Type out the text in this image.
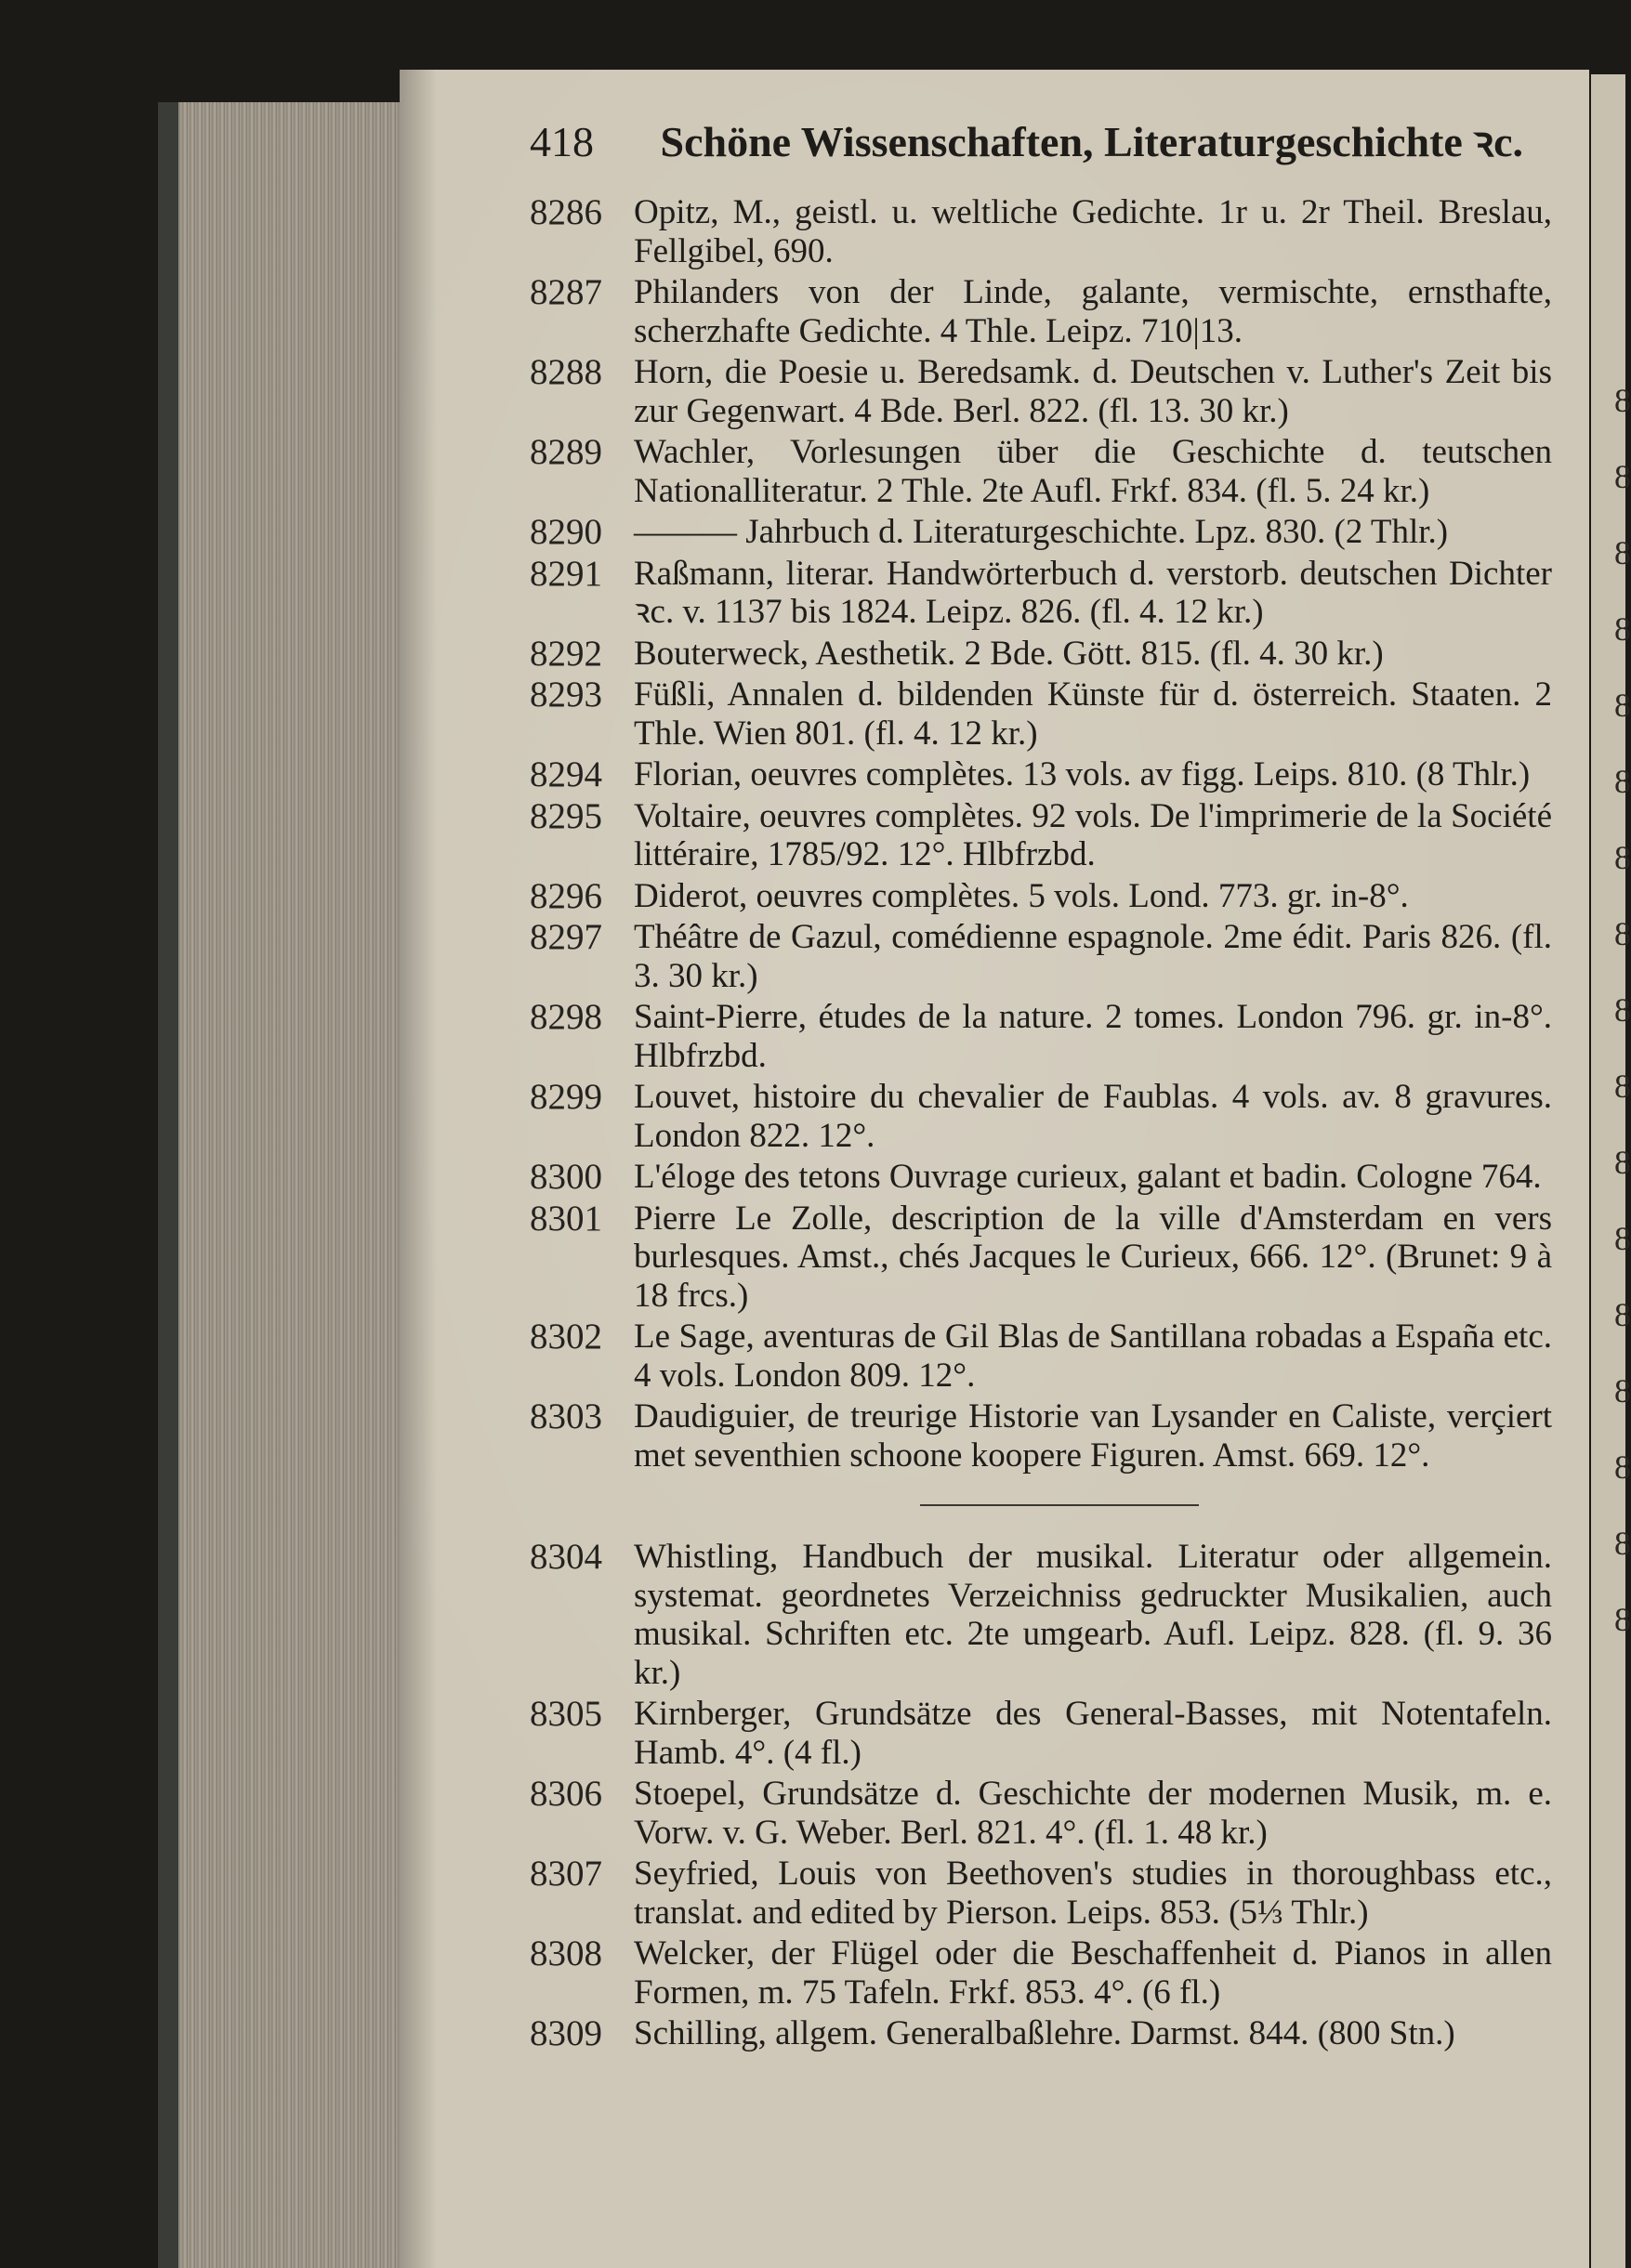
8
8
8
8
8
8
8
8
8
8
8
8
8
8
8
8
8
418 Schöne Wissenschaften, Literaturgeschichte ꝛc.
8286 Opitz, M., geistl. u. weltliche Gedichte. 1r u. 2r Theil. Breslau, Fellgibel, 690.
8287 Philanders von der Linde, galante, vermischte, ernsthafte, scherzhafte Gedichte. 4 Thle. Leipz. 710|13.
8288 Horn, die Poesie u. Beredsamk. d. Deutschen v. Luther's Zeit bis zur Gegenwart. 4 Bde. Berl. 822. (fl. 13. 30 kr.)
8289 Wachler, Vorlesungen über die Geschichte d. teutschen Nationalliteratur. 2 Thle. 2te Aufl. Frkf. 834. (fl. 5. 24 kr.)
8290 ——— Jahrbuch d. Literaturgeschichte. Lpz. 830. (2 Thlr.)
8291 Raßmann, literar. Handwörterbuch d. verstorb. deutschen Dichter ꝛc. v. 1137 bis 1824. Leipz. 826. (fl. 4. 12 kr.)
8292 Bouterweck, Aesthetik. 2 Bde. Gött. 815. (fl. 4. 30 kr.)
8293 Füßli, Annalen d. bildenden Künste für d. österreich. Staaten. 2 Thle. Wien 801. (fl. 4. 12 kr.)
8294 Florian, oeuvres complètes. 13 vols. av figg. Leips. 810. (8 Thlr.)
8295 Voltaire, oeuvres complètes. 92 vols. De l'imprimerie de la Société littéraire, 1785/92. 12°. Hlbfrzbd.
8296 Diderot, oeuvres complètes. 5 vols. Lond. 773. gr. in-8°.
8297 Théâtre de Gazul, comédienne espagnole. 2me édit. Paris 826. (fl. 3. 30 kr.)
8298 Saint-Pierre, études de la nature. 2 tomes. London 796. gr. in-8°. Hlbfrzbd.
8299 Louvet, histoire du chevalier de Faublas. 4 vols. av. 8 gravures. London 822. 12°.
8300 L'éloge des tetons Ouvrage curieux, galant et badin. Cologne 764.
8301 Pierre Le Zolle, description de la ville d'Amsterdam en vers burlesques. Amst., chés Jacques le Curieux, 666. 12°. (Brunet: 9 à 18 frcs.)
8302 Le Sage, aventuras de Gil Blas de Santillana robadas a España etc. 4 vols. London 809. 12°.
8303 Daudiguier, de treurige Historie van Lysander en Caliste, verçiert met seventhien schoone koopere Figuren. Amst. 669. 12°.
8304 Whistling, Handbuch der musikal. Literatur oder allgemein. systemat. geordnetes Verzeichniss gedruckter Musikalien, auch musikal. Schriften etc. 2te umgearb. Aufl. Leipz. 828. (fl. 9. 36 kr.)
8305 Kirnberger, Grundsätze des General-Basses, mit Notentafeln. Hamb. 4°. (4 fl.)
8306 Stoepel, Grundsätze d. Geschichte der modernen Musik, m. e. Vorw. v. G. Weber. Berl. 821. 4°. (fl. 1. 48 kr.)
8307 Seyfried, Louis von Beethoven's studies in thoroughbass etc., translat. and edited by Pierson. Leips. 853. (5⅓ Thlr.)
8308 Welcker, der Flügel oder die Beschaffenheit d. Pianos in allen Formen, m. 75 Tafeln. Frkf. 853. 4°. (6 fl.)
8309 Schilling, allgem. Generalbaßlehre. Darmst. 844. (800 Stn.)
